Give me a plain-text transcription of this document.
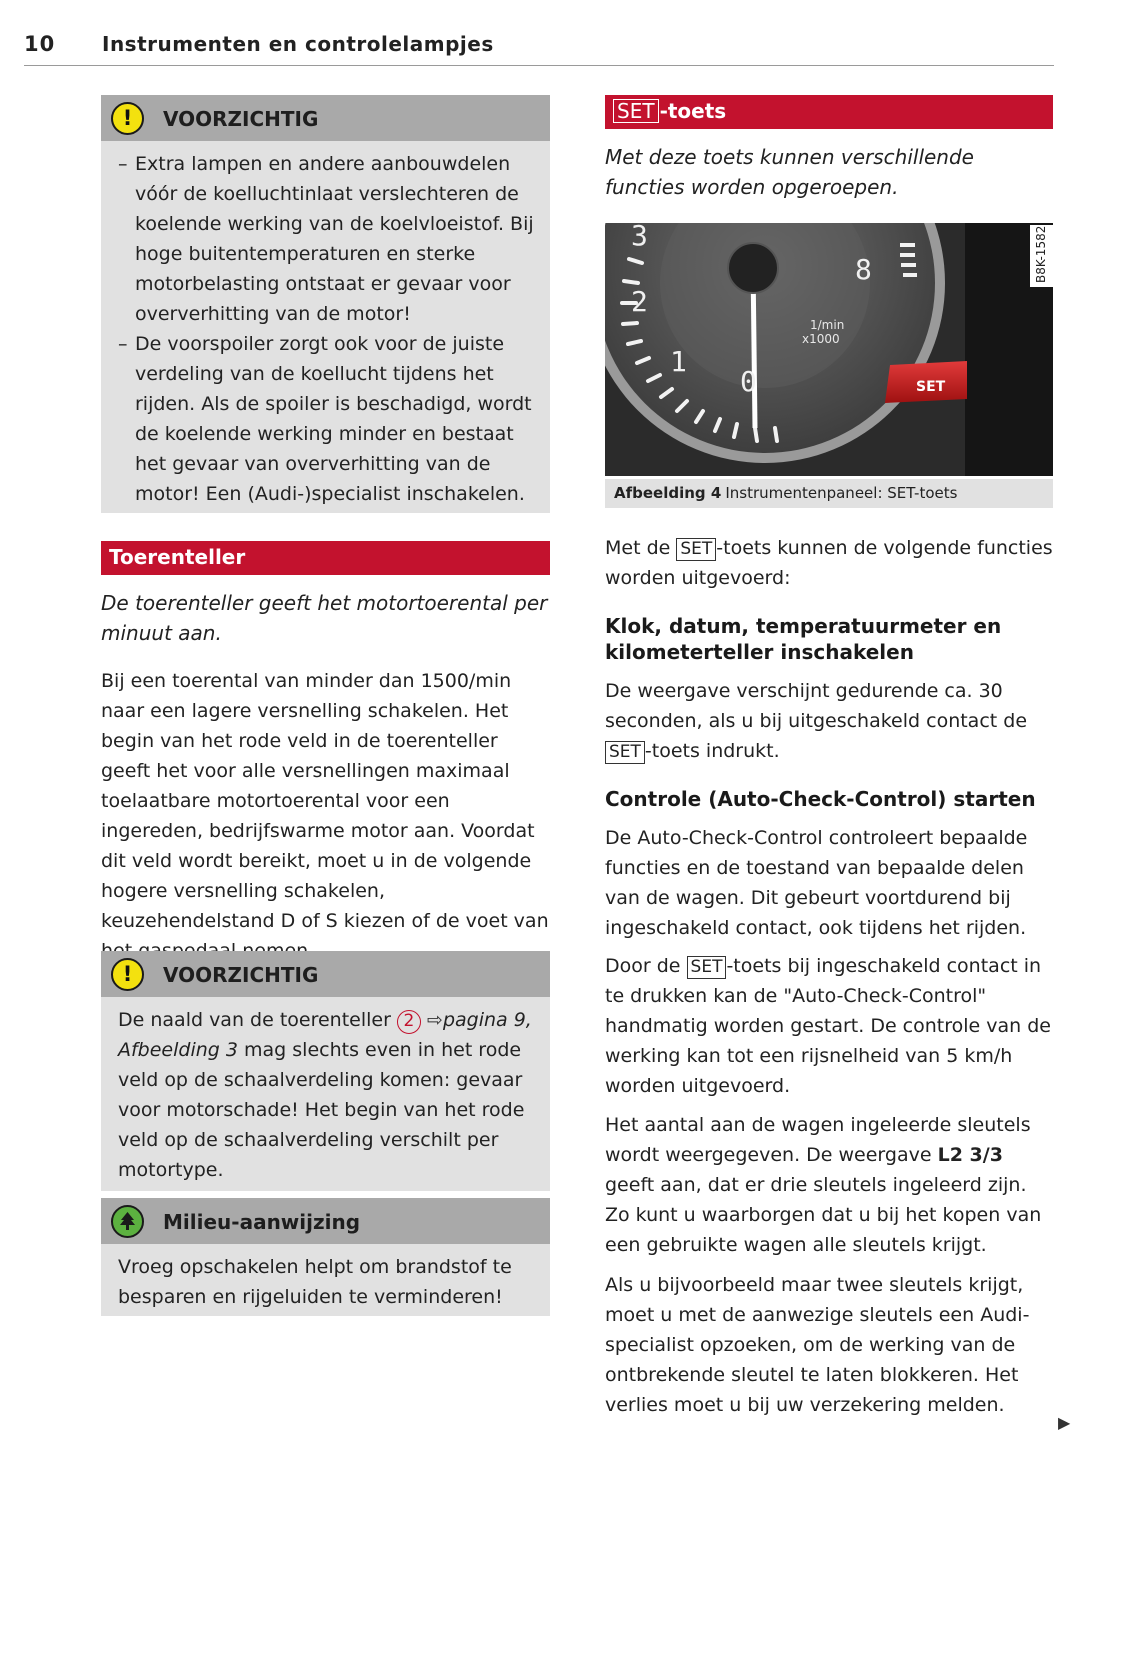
10 Instrumenten en controlelampjes
!	VOORZICHTIG
– Extra lampen en andere aanbouwdelen vóór de koelluchtinlaat verslechteren de koelende werking van de koelvloeistof. Bij hoge buitentemperaturen en sterke motorbelasting ontstaat er gevaar voor oververhitting van de motor!
– De voorspoiler zorgt ook voor de juiste verdeling van de koellucht tijdens het rijden. Als de spoiler is beschadigd, wordt de koelende werking minder en bestaat het gevaar van oververhitting van de motor! Een (Audi-)specialist inschakelen.
Toerenteller
De toerenteller geeft het motortoerental per minuut aan.
Bij een toerental van minder dan 1500/min naar een lagere versnelling schakelen. Het begin van het rode veld in de toerenteller geeft het voor alle versnellingen maximaal toelaatbare motortoerental voor een ingereden, bedrijfswarme motor aan. Voordat dit veld wordt bereikt, moet u in de volgende hogere versnelling schakelen, keuzehendelstand D of S kiezen of de voet van
!	VOORZICHTIG
De naald van de toerenteller 2 ⇨pagina 9, Afbeelding 3 mag slechts even in het rode veld op de schaalverdeling komen: gevaar voor motorschade! Het begin van het rode veld op de schaalverdeling verschilt per motortype.
Milieu-aanwijzing
Vroeg opschakelen helpt om brandstof te besparen en rijgeluiden te verminderen!
SET -toets
Met deze toets kunnen verschillende functies worden opgeroepen.
3
2
1
0
8
1/min
x1000
SET
B8K-1582
Afbeelding 4 Instrumentenpaneel: SET-toets
Met de SET -toets kunnen de volgende functies worden uitgevoerd:
Klok, datum, temperatuurmeter en kilometerteller inschakelen
De weergave verschijnt gedurende ca. 30 seconden, als u bij uitgeschakeld contact de SET -toets indrukt.
Controle (Auto-Check-Control) starten
De Auto-Check-Control controleert bepaalde functies en de toestand van bepaalde delen van de wagen. Dit gebeurt voortdurend bij ingeschakeld contact, ook tijdens het rijden.
Door de SET -toets bij ingeschakeld contact in te drukken kan de "Auto-Check-Control" handmatig worden gestart. De controle van de werking kan tot een rijsnelheid van 5 km/h worden uitgevoerd.
Het aantal aan de wagen ingeleerde sleutels wordt weergegeven. De weergave L2 3/3 geeft aan, dat er drie sleutels ingeleerd zijn. Zo kunt u waarborgen dat u bij het kopen van een gebruikte wagen alle sleutels krijgt.
Als u bijvoorbeeld maar twee sleutels krijgt, moet u met de aanwezige sleutels een Audi-specialist opzoeken, om de werking van de ontbrekende sleutel te laten blokkeren. Het verlies moet u bij uw verzekering melden.
▶
